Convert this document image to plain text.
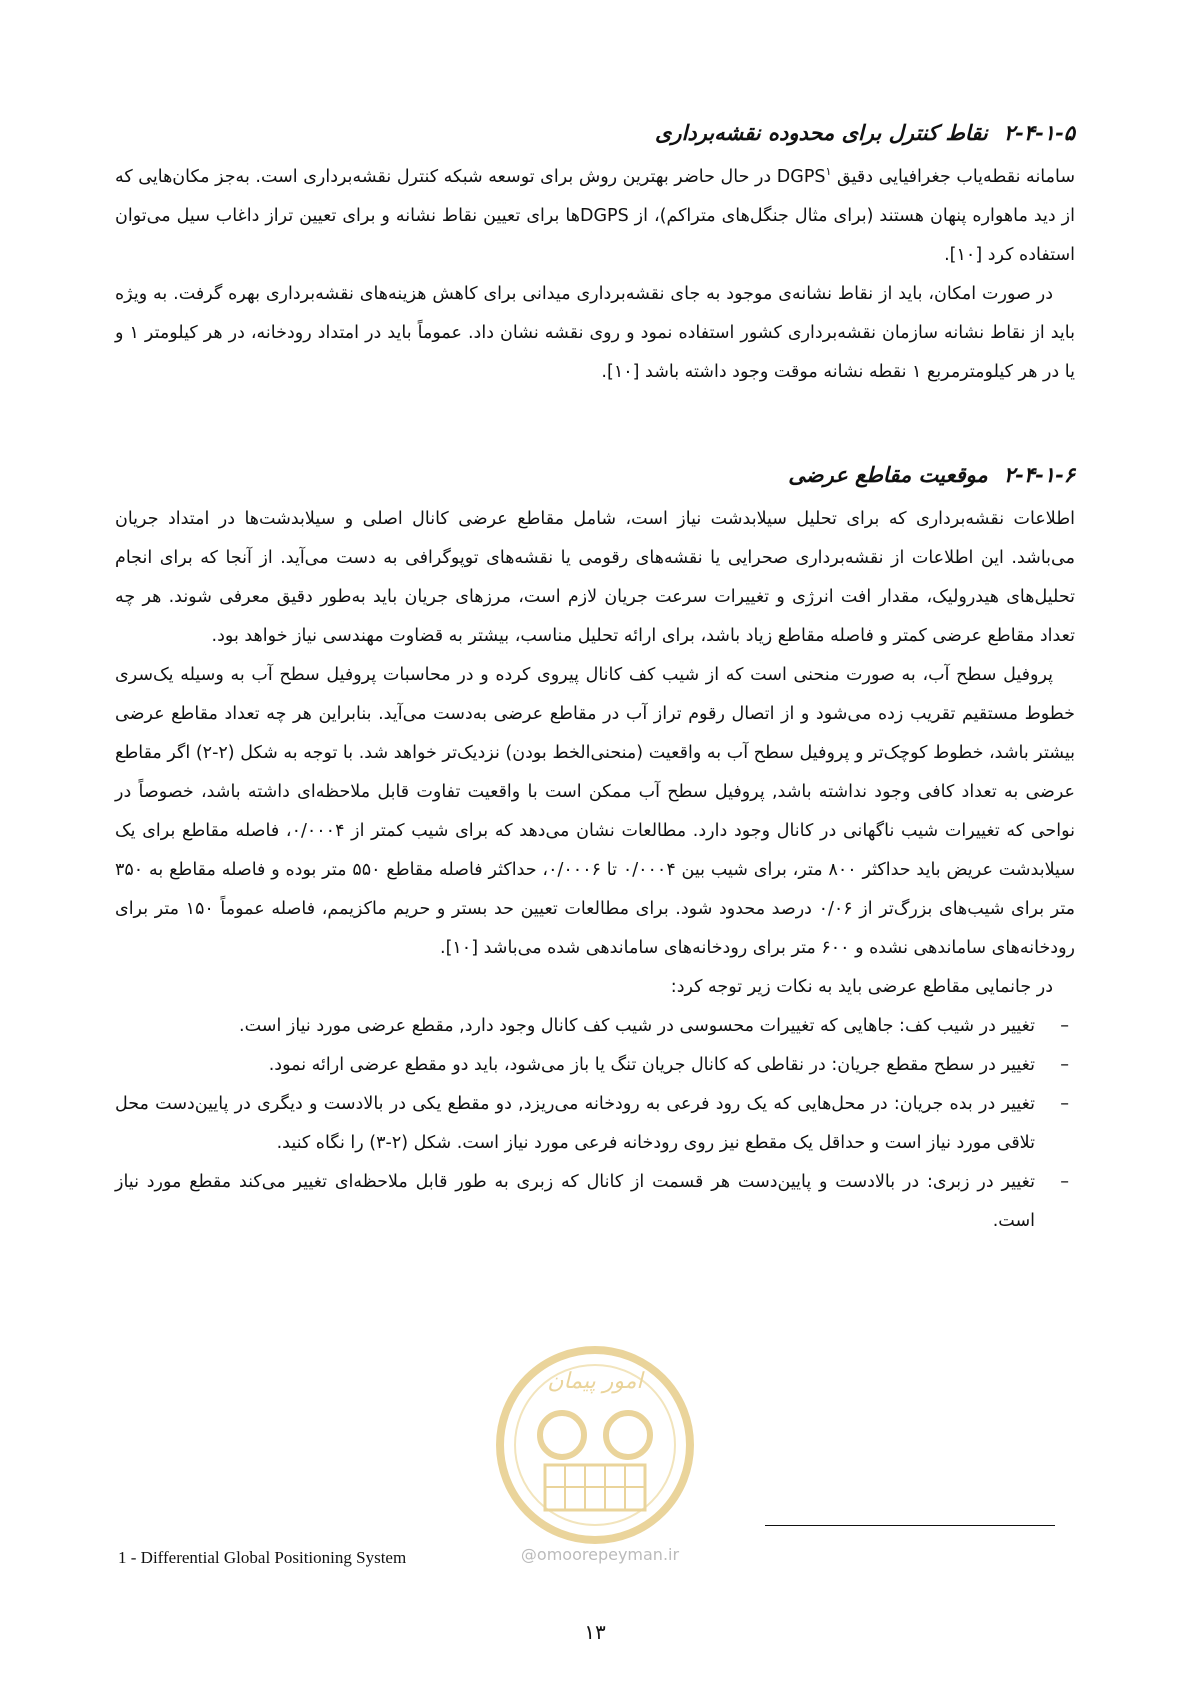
۲-۴-۱-۵نقاط کنترل برای محدوده نقشه‌برداری

سامانه نقطه‌یاب جغرافیایی دقیق DGPS$^۱$ در حال حاضر بهترین روش برای توسعه شبکه کنترل نقشه‌برداری است. به‌جز مکان‌هایی که از دید ماهواره پنهان هستند (برای مثال جنگل‌های متراکم)، از DGPSها برای تعیین نقاط نشانه و برای تعیین تراز داغاب سیل می‌توان استفاده کرد [۱۰].

در صورت امکان، باید از نقاط نشانه‌ی موجود به جای نقشه‌برداری میدانی برای کاهش هزینه‌های نقشه‌برداری بهره گرفت. به ویژه باید از نقاط نشانه سازمان نقشه‌برداری کشور استفاده نمود و روی نقشه نشان داد. عموماً باید در امتداد رودخانه، در هر کیلومتر ۱ و یا در هر کیلومترمربع ۱ نقطه نشانه موقت وجود داشته باشد [۱۰].

۲-۴-۱-۶موقعیت مقاطع عرضی

اطلاعات نقشه‌برداری که برای تحلیل سیلابدشت نیاز است، شامل مقاطع عرضی کانال اصلی و سیلابدشت‌ها در امتداد جریان می‌باشد. این اطلاعات از نقشه‌برداری صحرایی یا نقشه‌های رقومی یا نقشه‌های توپوگرافی به دست می‌آید. از آنجا که برای انجام تحلیل‌های هیدرولیک، مقدار افت انرژی و تغییرات سرعت جریان لازم است، مرزهای جریان باید به‌طور دقیق معرفی شوند. هر چه تعداد مقاطع عرضی کمتر و فاصله مقاطع زیاد باشد، برای ارائه تحلیل مناسب، بیشتر به قضاوت مهندسی نیاز خواهد بود.

پروفیل سطح آب، به صورت منحنی است که از شیب کف کانال پیروی کرده و در محاسبات پروفیل سطح آب به وسیله یک‌سری خطوط مستقیم تقریب زده می‌شود و از اتصال رقوم تراز آب در مقاطع عرضی به‌دست می‌آید. بنابراین هر چه تعداد مقاطع عرضی بیشتر باشد، خطوط کوچک‌تر و پروفیل سطح آب به واقعیت (منحنی‌الخط بودن) نزدیک‌تر خواهد شد. با توجه به شکل (۲-۲) اگر مقاطع عرضی به تعداد کافی وجود نداشته باشد, پروفیل سطح آب ممکن است با واقعیت تفاوت قابل ملاحظه‌ای داشته باشد، خصوصاً در نواحی که تغییرات شیب ناگهانی در کانال وجود دارد. مطالعات نشان می‌دهد که برای شیب کمتر از ۰/۰۰۰۴، فاصله مقاطع برای یک سیلابدشت عریض باید حداکثر ۸۰۰ متر، برای شیب بین ۰/۰۰۰۴ تا ۰/۰۰۰۶، حداکثر فاصله مقاطع ۵۵۰ متر بوده و فاصله مقاطع به ۳۵۰ متر برای شیب‌های بزرگ‌تر از ۰/۰۶ درصد محدود شود. برای مطالعات تعیین حد بستر و حریم ماکزیمم، فاصله عموماً ۱۵۰ متر برای رودخانه‌های ساماندهی نشده و ۶۰۰ متر برای رودخانه‌های ساماندهی شده می‌باشد [۱۰].

در جانمایی مقاطع عرضی باید به نکات زیر توجه کرد:

–
تغییر در شیب کف: جاهایی که تغییرات محسوسی در شیب کف کانال وجود دارد, مقطع عرضی مورد نیاز است.
–
تغییر در سطح مقطع جریان: در نقاطی که کانال جریان تنگ یا باز می‌شود، باید دو مقطع عرضی ارائه نمود.
–
تغییر در بده جریان: در محل‌هایی که یک رود فرعی به رودخانه می‌ریزد, دو مقطع یکی در بالادست و دیگری در پایین‌دست محل تلاقی مورد نیاز است و حداقل یک مقطع نیز روی رودخانه فرعی مورد نیاز است. شکل (۲-۳) را نگاه کنید.
–
تغییر در زبری: در بالادست و پایین‌دست هر قسمت از کانال که زبری به طور قابل ملاحظه‌ای تغییر می‌کند مقطع مورد نیاز است.
امور پیمان
@omoorepeyman.ir
1 - Differential Global Positioning System
۱۳
